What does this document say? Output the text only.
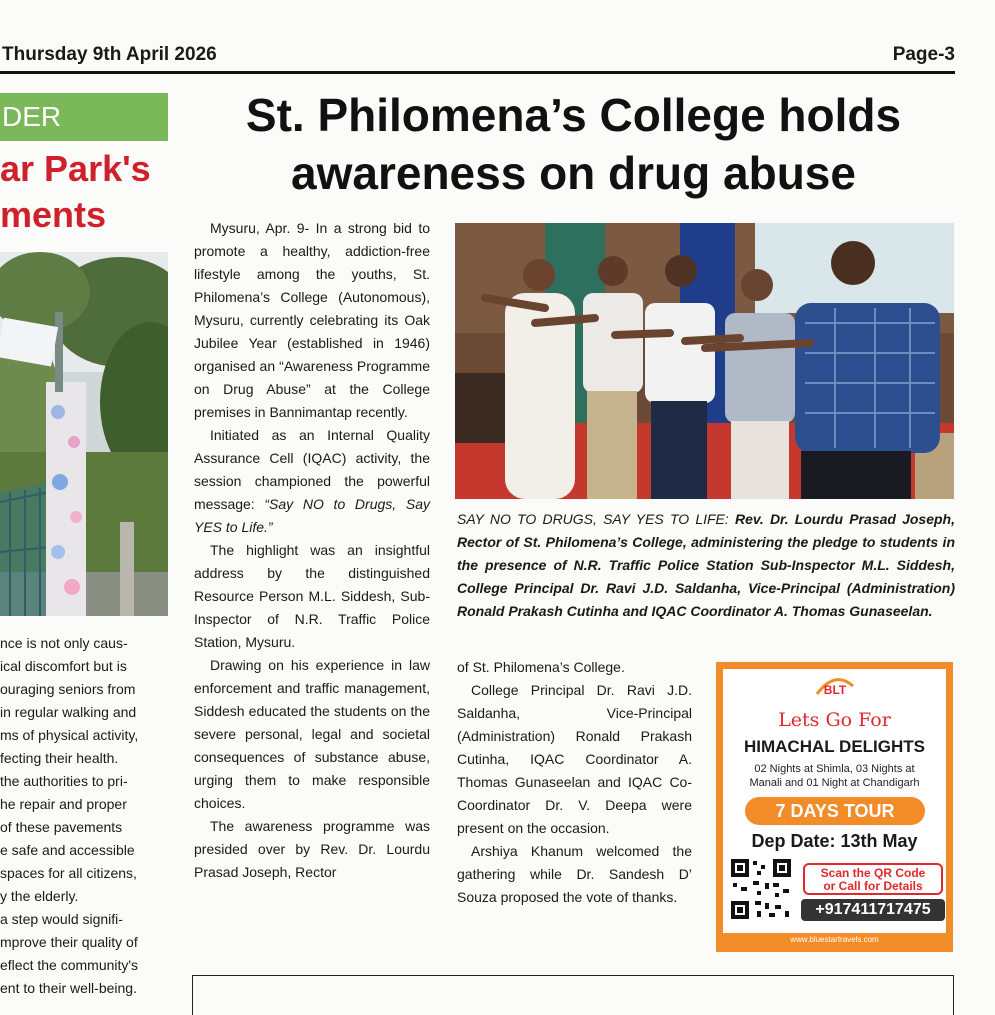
Thursday 9th April 2026	Page-3
DER
ar Park's
ments
nce is not only caus-
ical discomfort but is
ouraging seniors from
in regular walking and
ms of physical activity,
fecting their health.
the authorities to pri-
he repair and proper
of these pavements
e safe and accessible
spaces for all citizens,
y the elderly.
a step would signifi-
mprove their quality of
eflect the community's
ent to their well-being.
St. Philomena’s College holds
awareness on drug abuse

Mysuru, Apr. 9- In a strong bid to promote a healthy, addiction-free lifestyle among the youths, St. Philomena’s College (Autonomous), Mysuru, currently celebrating its Oak Jubilee Year (established in 1946) organised an “Awareness Programme on Drug Abuse” at the College premises in Bannimantap recently.

Initiated as an Internal Quality Assurance Cell (IQAC) activity, the session championed the powerful message: “Say NO to Drugs, Say YES to Life.”

The highlight was an insightful address by the distinguished Resource Person M.L. Siddesh, Sub-Inspector of N.R. Traffic Police Station, Mysuru.

Drawing on his experience in law enforcement and traffic management, Siddesh educated the students on the severe personal, legal and societal consequences of substance abuse, urging them to make responsible choices.

The awareness programme was presided over by Rev. Dr. Lourdu Prasad Joseph, Rector

SAY NO TO DRUGS, SAY YES TO LIFE: Rev. Dr. Lourdu Prasad Joseph, Rector of St. Philomena’s College, administering the pledge to students in the presence of N.R. Traffic Police Station Sub-Inspector M.L. Siddesh, College Principal Dr. Ravi J.D. Saldanha, Vice-Principal (Administration) Ronald Prakash Cutinha and IQAC Coordinator A. Thomas Gunaseelan.

of St. Philomena’s College.

College Principal Dr. Ravi J.D. Saldanha, Vice-Principal (Administration) Ronald Prakash Cutinha, IQAC Coordinator A. Thomas Gunaseelan and IQAC Co-Coordinator Dr. V. Deepa were present on the occasion.

Arshiya Khanum welcomed the gathering while Dr. Sandesh D’ Souza proposed the vote of thanks.

BLT
Lets Go For
HIMACHAL DELIGHTS
02 Nights at Shimla, 03 Nights at
Manali and 01 Night at Chandigarh
7 DAYS TOUR
Dep Date: 13th May
Scan the QR Code
or Call for Details
+917411717475
www.bluestartravels.com
